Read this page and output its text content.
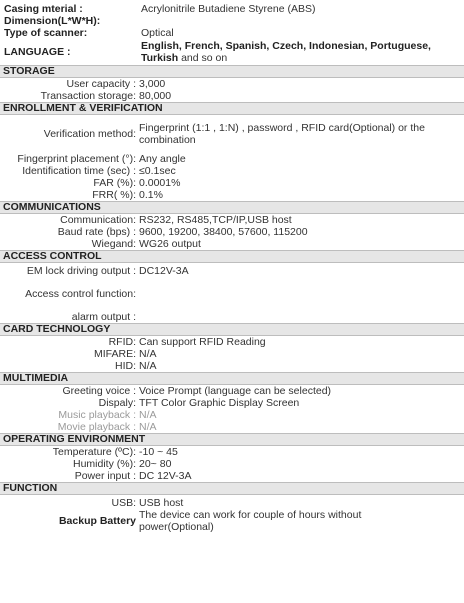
Casing mterial :	Acrylonitrile Butadiene Styrene (ABS)
Dimension(L*W*H):
Type of scanner:	Optical
LANGUAGE :	English, French, Spanish, Czech, Indonesian, Portuguese, Turkish and so on
STORAGE
User capacity : 3,000
Transaction storage: 80,000
ENROLLMENT & VERIFICATION
Verification method: Fingerprint (1:1 , 1:N) , password , RFID card(Optional) or the combination
Fingerprint placement (°): Any angle
Identification time (sec) : ≤0.1sec
FAR (%): 0.0001%
FRR( %): 0.1%
COMMUNICATIONS
Communication: RS232, RS485,TCP/IP,USB host
Baud rate (bps) : 9600, 19200, 38400, 57600, 115200
Wiegand: WG26 output
ACCESS CONTROL
EM lock driving output : DC12V-3A
Access control function:
alarm output :
CARD TECHNOLOGY
RFID: Can support RFID Reading
MIFARE: N/A
HID: N/A
MULTIMEDIA
Greeting voice : Voice Prompt (language can be selected)
Dispaly: TFT Color Graphic Display Screen
Music playback : N/A
Movie playback : N/A
OPERATING ENVIRONMENT
Temperature (ºC): -10 ~ 45
Humidity (%): 20~ 80
Power input : DC 12V-3A
FUNCTION
USB: USB host
Backup Battery The device can work for couple of hours without power(Optional)
